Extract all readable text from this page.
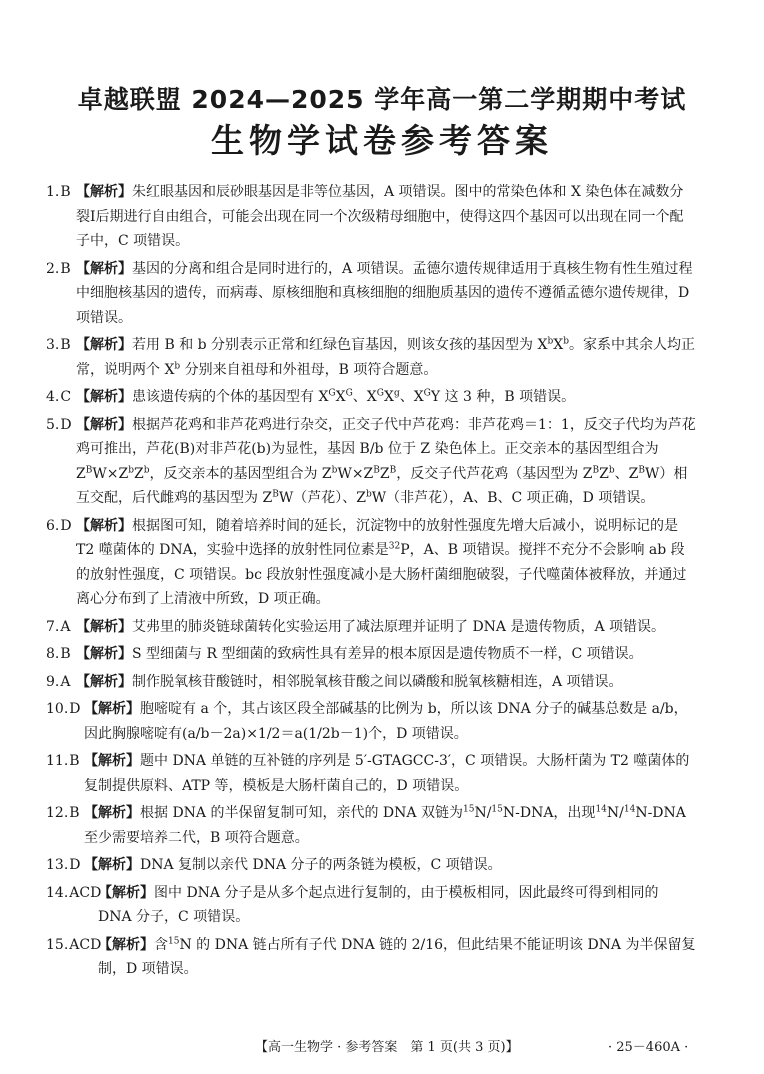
卓越联盟 2024—2025 学年高一第二学期期中考试
生物学试卷参考答案
1.B 【解析】朱红眼基因和辰砂眼基因是非等位基因，A 项错误。图中的常染色体和 X 染色体在减数分裂Ⅰ后期进行自由组合，可能会出现在同一个次级精母细胞中，使得这四个基因可以出现在同一个配子中，C 项错误。
2.B 【解析】基因的分离和组合是同时进行的，A 项错误。孟德尔遗传规律适用于真核生物有性生殖过程中细胞核基因的遗传，而病毒、原核细胞和真核细胞的细胞质基因的遗传不遵循孟德尔遗传规律，D 项错误。
3.B 【解析】若用 B 和 b 分别表示正常和红绿色盲基因，则该女孩的基因型为 $X^bX^b$。家系中其余人均正常，说明两个 $X^b$ 分别来自祖母和外祖母，B 项符合题意。
4.C 【解析】患该遗传病的个体的基因型有 $X^GX^G$、$X^GX^g$、$X^GY$ 这 3 种，B 项错误。
5.D 【解析】根据芦花鸡和非芦花鸡进行杂交，正交子代中芦花鸡：非芦花鸡＝1：1，反交子代均为芦花鸡可推出，芦花(B)对非芦花(b)为显性，基因 B/b 位于 Z 染色体上。正交亲本的基因型组合为 $Z^BW\times Z^bZ^b$，反交亲本的基因型组合为 $Z^bW\times Z^BZ^B$，反交子代芦花鸡（基因型为 $Z^BZ^b$、$Z^BW$）相互交配，后代雌鸡的基因型为 $Z^BW$（芦花）、$Z^bW$（非芦花），A、B、C 项正确，D 项错误。
6.D 【解析】根据图可知，随着培养时间的延长，沉淀物中的放射性强度先增大后减小，说明标记的是 T2 噬菌体的 DNA，实验中选择的放射性同位素是$^{32}$P，A、B 项错误。搅拌不充分不会影响 ab 段的放射性强度，C 项错误。bc 段放射性强度减小是大肠杆菌细胞破裂，子代噬菌体被释放，并通过离心分布到了上清液中所致，D 项正确。
7.A 【解析】艾弗里的肺炎链球菌转化实验运用了减法原理并证明了 DNA 是遗传物质，A 项错误。
8.B 【解析】S 型细菌与 R 型细菌的致病性具有差异的根本原因是遗传物质不一样，C 项错误。
9.A 【解析】制作脱氧核苷酸链时，相邻脱氧核苷酸之间以磷酸和脱氧核糖相连，A 项错误。
10.D 【解析】胞嘧啶有 a 个，其占该区段全部碱基的比例为 b，所以该 DNA 分子的碱基总数是 a/b，因此胸腺嘧啶有(a/b－2a)×1/2＝a(1/2b－1)个，D 项错误。
11.B 【解析】题中 DNA 单链的互补链的序列是 5′-GTAGCC-3′，C 项错误。大肠杆菌为 T2 噬菌体的复制提供原料、ATP 等，模板是大肠杆菌自己的，D 项错误。
12.B 【解析】根据 DNA 的半保留复制可知，亲代的 DNA 双链为$^{15}$N/$^{15}$N-DNA，出现$^{14}$N/$^{14}$N-DNA 至少需要培养二代，B 项符合题意。
13.D 【解析】DNA 复制以亲代 DNA 分子的两条链为模板，C 项错误。
14.ACD
【解析】图中 DNA 分子是从多个起点进行复制的，由于模板相同，因此最终可得到相同的 DNA 分子，C 项错误。
15.ACD
【解析】含$^{15}$N 的 DNA 链占所有子代 DNA 链的 2/16，但此结果不能证明该 DNA 为半保留复制，D 项错误。
【高一生物学 · 参考答案　第 1 页(共 3 页)】	· 25－460A ·
